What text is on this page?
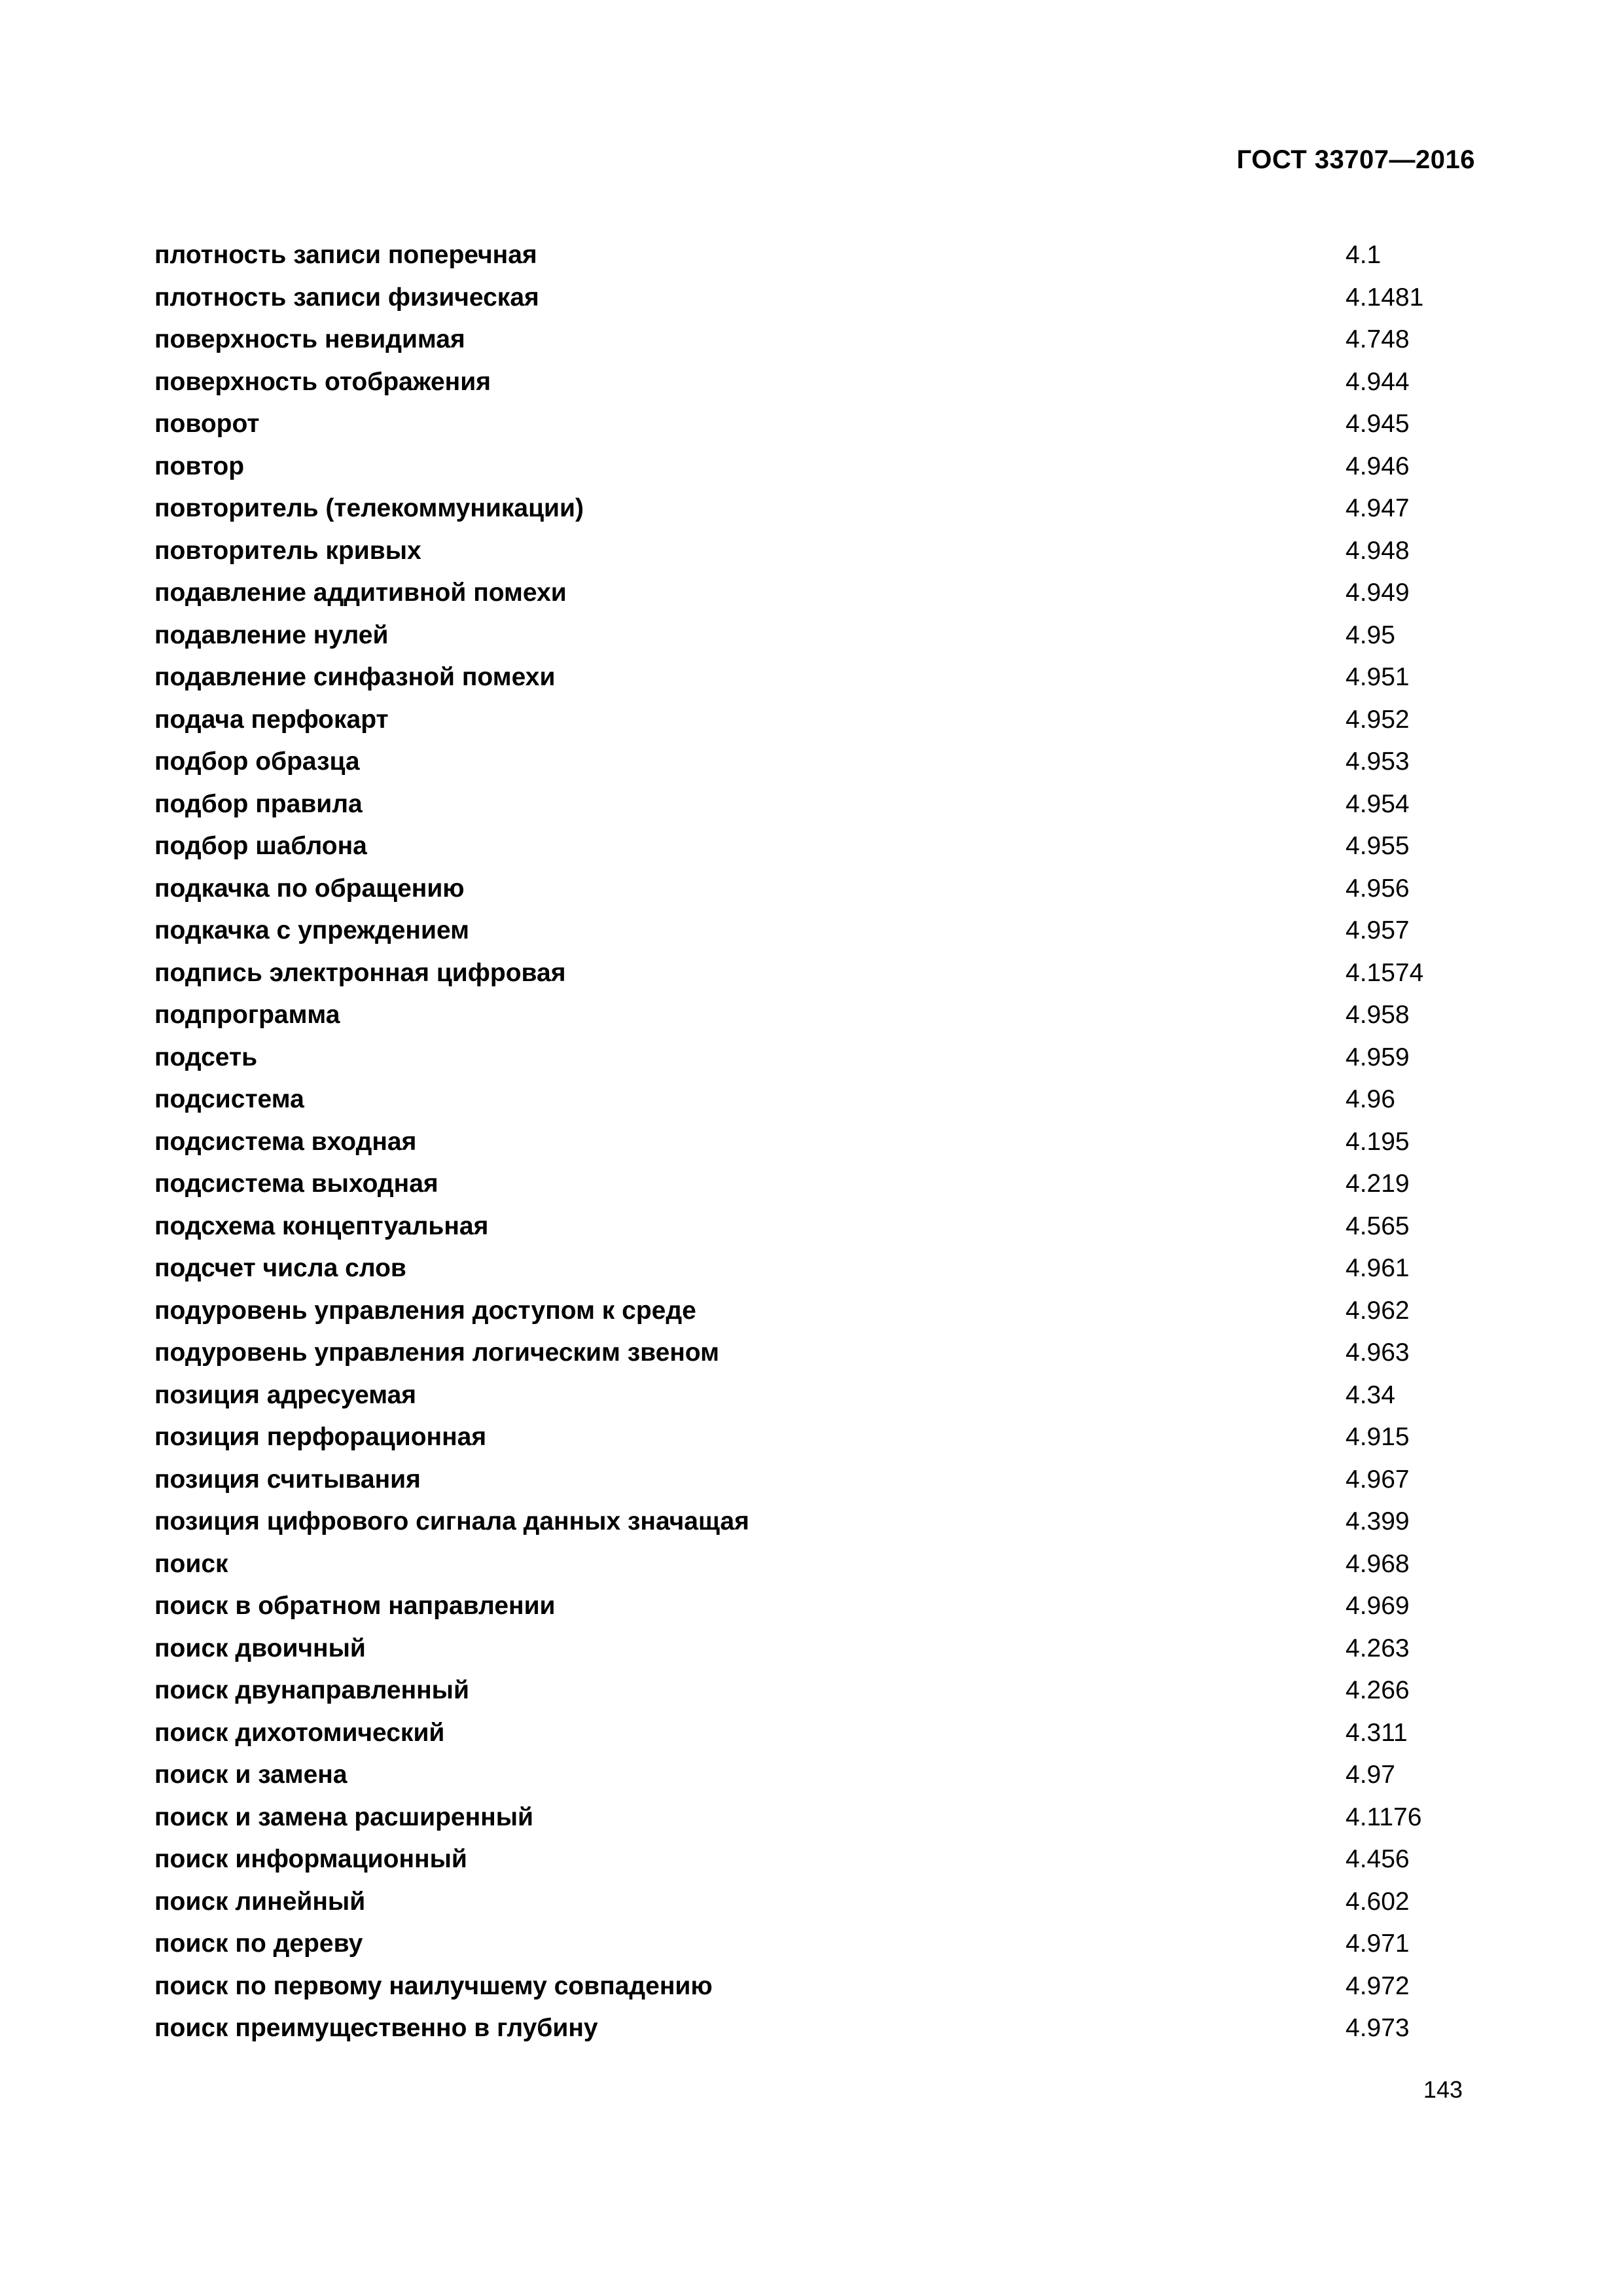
ГОСТ 33707—2016
плотность записи поперечная	4.1
плотность записи физическая	4.1481
поверхность невидимая	4.748
поверхность отображения	4.944
поворот	4.945
повтор	4.946
повторитель (телекоммуникации)	4.947
повторитель кривых	4.948
подавление аддитивной помехи	4.949
подавление нулей	4.95
подавление синфазной помехи	4.951
подача перфокарт	4.952
подбор образца	4.953
подбор правила	4.954
подбор шаблона	4.955
подкачка по обращению	4.956
подкачка с упреждением	4.957
подпись электронная цифровая	4.1574
подпрограмма	4.958
подсеть	4.959
подсистема	4.96
подсистема входная	4.195
подсистема выходная	4.219
подсхема концептуальная	4.565
подсчет числа слов	4.961
подуровень управления доступом к среде	4.962
подуровень управления логическим звеном	4.963
позиция адресуемая	4.34
позиция перфорационная	4.915
позиция считывания	4.967
позиция цифрового сигнала данных значащая	4.399
поиск	4.968
поиск в обратном направлении	4.969
поиск двоичный	4.263
поиск двунаправленный	4.266
поиск дихотомический	4.311
поиск и замена	4.97
поиск и замена расширенный	4.1176
поиск информационный	4.456
поиск линейный	4.602
поиск по дереву	4.971
поиск по первому наилучшему совпадению	4.972
поиск преимущественно в глубину	4.973
143
